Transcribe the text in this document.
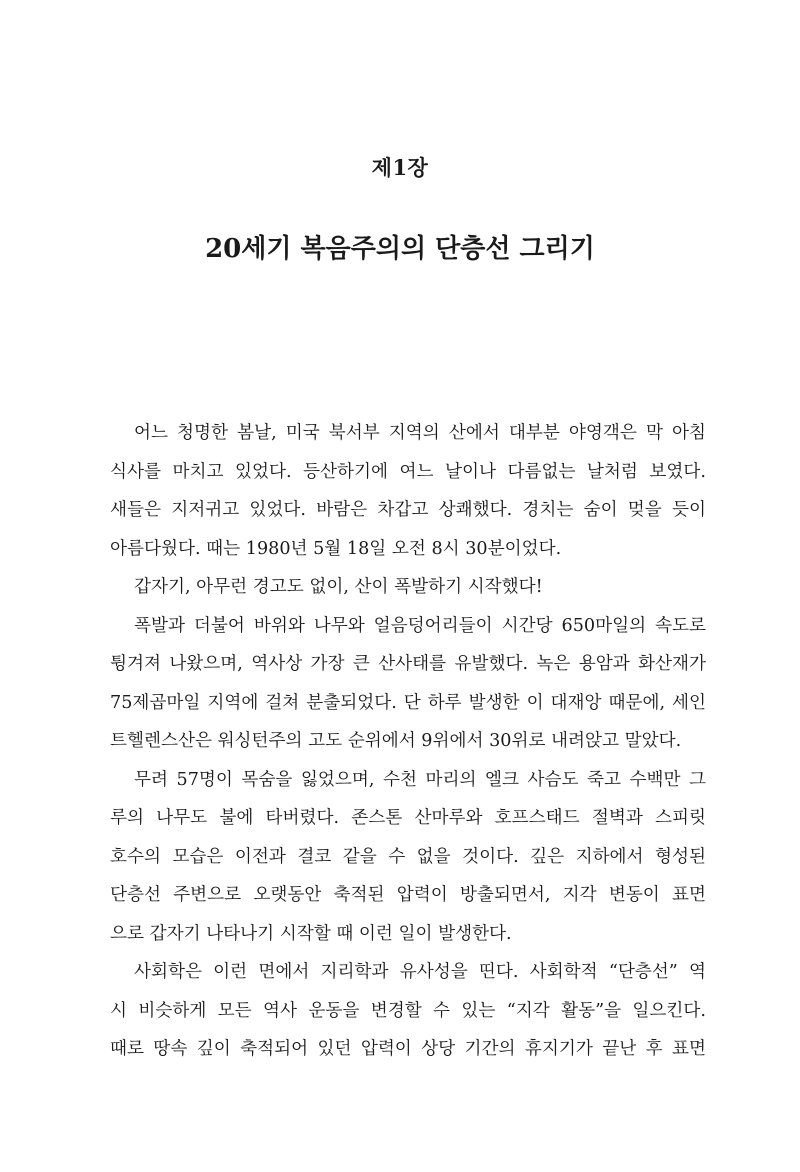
제1장
20세기 복음주의의 단층선 그리기

어느 청명한 봄날, 미국 북서부 지역의 산에서 대부분 야영객은 막 아침
식사를 마치고 있었다. 등산하기에 여느 날이나 다름없는 날처럼 보였다.
새들은 지저귀고 있었다. 바람은 차갑고 상쾌했다. 경치는 숨이 멎을 듯이
아름다웠다. 때는 1980년 5월 18일 오전 8시 30분이었다.

갑자기, 아무런 경고도 없이, 산이 폭발하기 시작했다!

폭발과 더불어 바위와 나무와 얼음덩어리들이 시간당 650마일의 속도로
튕겨져 나왔으며, 역사상 가장 큰 산사태를 유발했다. 녹은 용암과 화산재가
75제곱마일 지역에 걸쳐 분출되었다. 단 하루 발생한 이 대재앙 때문에, 세인
트헬렌스산은 워싱턴주의 고도 순위에서 9위에서 30위로 내려앉고 말았다.

무려 57명이 목숨을 잃었으며, 수천 마리의 엘크 사슴도 죽고 수백만 그
루의 나무도 불에 타버렸다. 존스톤 산마루와 호프스태드 절벽과 스피릿
호수의 모습은 이전과 결코 같을 수 없을 것이다. 깊은 지하에서 형성된
단층선 주변으로 오랫동안 축적된 압력이 방출되면서, 지각 변동이 표면
으로 갑자기 나타나기 시작할 때 이런 일이 발생한다.

사회학은 이런 면에서 지리학과 유사성을 띤다. 사회학적 “단층선” 역
시 비슷하게 모든 역사 운동을 변경할 수 있는 “지각 활동”을 일으킨다.
때로 땅속 깊이 축적되어 있던 압력이 상당 기간의 휴지기가 끝난 후 표면
